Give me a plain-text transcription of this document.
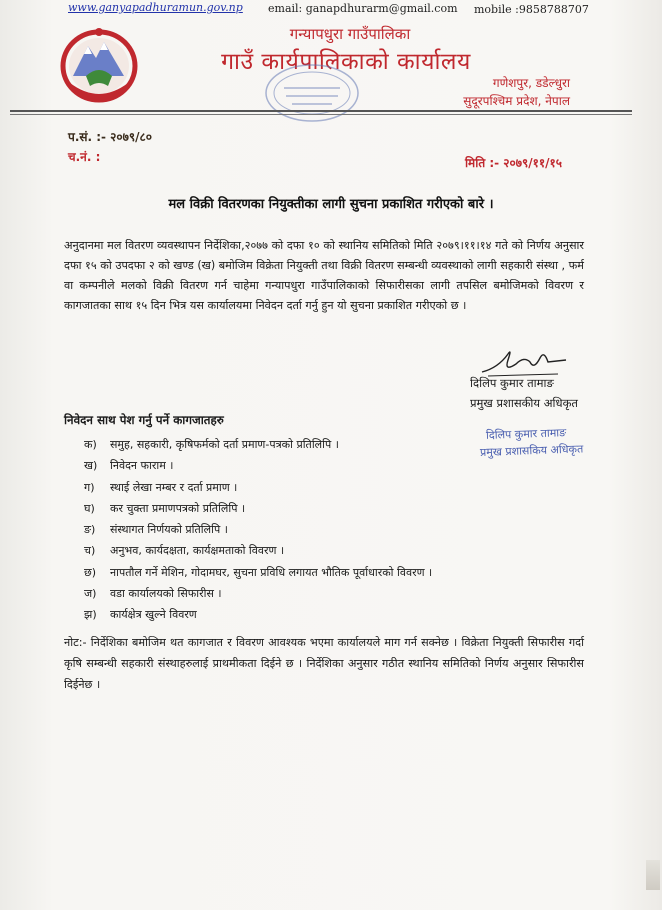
www.ganyapadhuramun.gov.np email: ganapdhurarm@gmail.com mobile :9858788707
गन्यापधुरा गाउँपालिका
गाउँ कार्यपालिकाको कार्यालय
गणेशपुर, डडेल्धुरा
सुदूरपश्चिम प्रदेश, नेपाल
प.सं. :- २०७९/८०
च.नं. :	मिति :- २०७९/११/१५
मल विक्री वितरणका नियुक्तीका लागी सुचना प्रकाशित गरीएको बारे ।
अनुदानमा मल वितरण व्यवस्थापन निर्देशिका,२०७७ को दफा १० को स्थानिय समितिको मिति २०७९।११।१४ गते को निर्णय अनुसार दफा १५ को उपदफा २ को खण्ड (ख) बमोजिम विक्रेता नियुक्ती तथा विक्री वितरण सम्बन्धी व्यवस्थाको लागी सहकारी संस्था , फर्म वा कम्पनीले मलको विक्री वितरण गर्न चाहेमा गन्यापधुरा गाउँपालिकाको सिफारीसका लागी तपसिल बमोजिमको विवरण र कागजातका साथ १५ दिन भित्र यस कार्यालयमा निवेदन दर्ता गर्नु हुन यो सुचना प्रकाशित गरीएको छ ।
दिलिप कुमार तामाङ
प्रमुख प्रशासकीय अधिकृत
दिलिप कुमार तामाङ
प्रमुख प्रशासकिय अधिकृत
निवेदन साथ पेश गर्नु पर्ने कागजातहरु
क) समुह, सहकारी, कृषिफर्मको दर्ता प्रमाण-पत्रको प्रतिलिपि ।
ख) निवेदन फाराम ।
ग) स्थाई लेखा नम्बर र दर्ता प्रमाण ।
घ) कर चुक्ता प्रमाणपत्रको प्रतिलिपि ।
ङ) संस्थागत निर्णयको प्रतिलिपि ।
च) अनुभव, कार्यदक्षता, कार्यक्षमताको विवरण ।
छ) नापतौल गर्ने मेशिन, गोदामघर, सुचना प्रविधि लगायत भौतिक पूर्वाधारको विवरण ।
ज) वडा कार्यालयको सिफारीस ।
झ) कार्यक्षेत्र खुल्ने विवरण
नोट:- निर्देशिका बमोजिम थत कागजात र विवरण आवश्यक भएमा कार्यालयले माग गर्न सक्नेछ । विक्रेता नियुक्ती सिफारीस गर्दा कृषि सम्बन्धी सहकारी संस्थाहरुलाई प्राथमीकता दिईने छ । निर्देशिका अनुसार गठीत स्थानिय समितिको निर्णय अनुसार सिफारीस दिईनेछ ।
